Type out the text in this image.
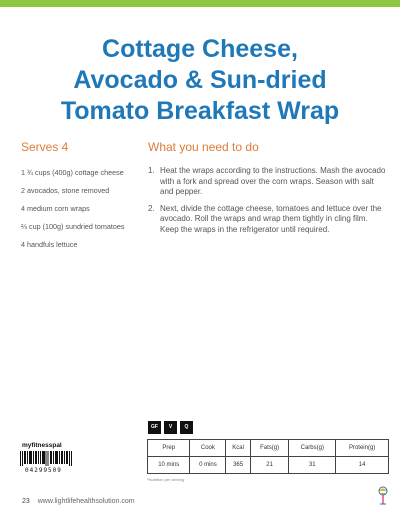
Cottage Cheese,
Avocado & Sun-dried
Tomato Breakfast Wrap
Serves 4	What you need to do
1 ¾ cups (400g) cottage cheese
2 avocados, stone removed
4 medium corn wraps
⅔ cup (100g) sundried tomatoes
4 handfuls lettuce
1. Heat the wraps according to the instructions. Mash the avocado with a fork and spread over the corn wraps. Season with salt and pepper.
2. Next, divide the cottage cheese, tomatoes and lettuce over the avocado. Roll the wraps and wrap them tightly in cling film. Keep the wraps in the refrigerator until required.
GF	V	Q
Prep	Cook	Kcal	Fats(g)	Carbs(g)	Protein(g)
10 mins	0 mins	365	21	31	14
*Nutrition per serving
myfitnesspal
04299509
23 www.lightlifehealthsolution.com
